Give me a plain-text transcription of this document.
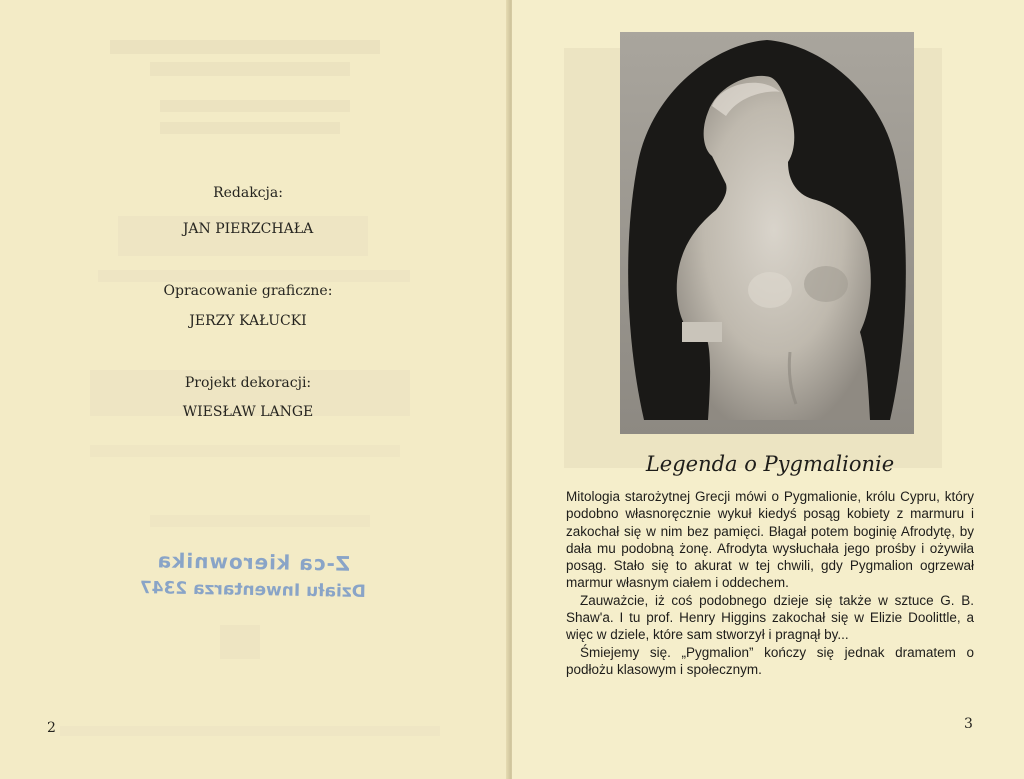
Redakcja:
JAN PIERZCHAŁA
Opracowanie graficzne:
JERZY KAŁUCKI
Projekt dekoracji:
WIESŁAW LANGE
Z-ca kierownika
Działu Inwentarza 2347
2
Legenda o Pygmalionie

Mitologia starożytnej Grecji mówi o Pygmalionie, królu Cypru, który podobno własnoręcznie wykuł kiedyś posąg kobiety z marmuru i zakochał się w nim bez pamięci. Błagał potem boginię Afrodytę, by dała mu podobną żonę. Afrodyta wysłuchała jego prośby i ożywiła posąg. Stało się to akurat w tej chwili, gdy Pygmalion ogrzewał marmur własnym ciałem i oddechem.

Zauważcie, iż coś podobnego dzieje się także w sztuce G. B. Shaw'a. I tu prof. Henry Higgins zakochał się w Elizie Doolittle, a więc w dziele, które sam stworzył i pragnął by...

Śmiejemy się. „Pygmalion” kończy się jednak dramatem o podłożu klasowym i społecznym.

3
